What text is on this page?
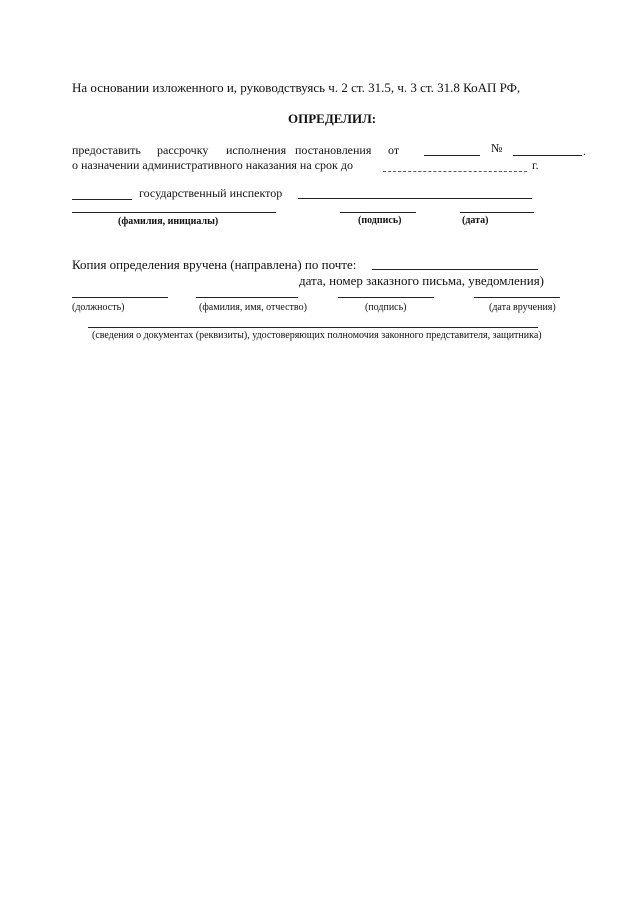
На основании изложенного и, руководствуясь ч. 2 ст. 31.5, ч. 3 ст. 31.8 КоАП РФ,
ОПРЕДЕЛИЛ:
предоставить рассрочку исполнения постановления от	№	.
о назначении административного наказания на срок до	г.
государственный инспектор
(фамилия, инициалы)	(подпись)	(дата)
Копия определения вручена (направлена) по почте:
дата, номер заказного письма, уведомления)
(должность)	(фамилия, имя, отчество)	(подпись)	(дата вручения)
(сведения о документах (реквизиты), удостоверяющих полномочия законного представителя, защитника)
